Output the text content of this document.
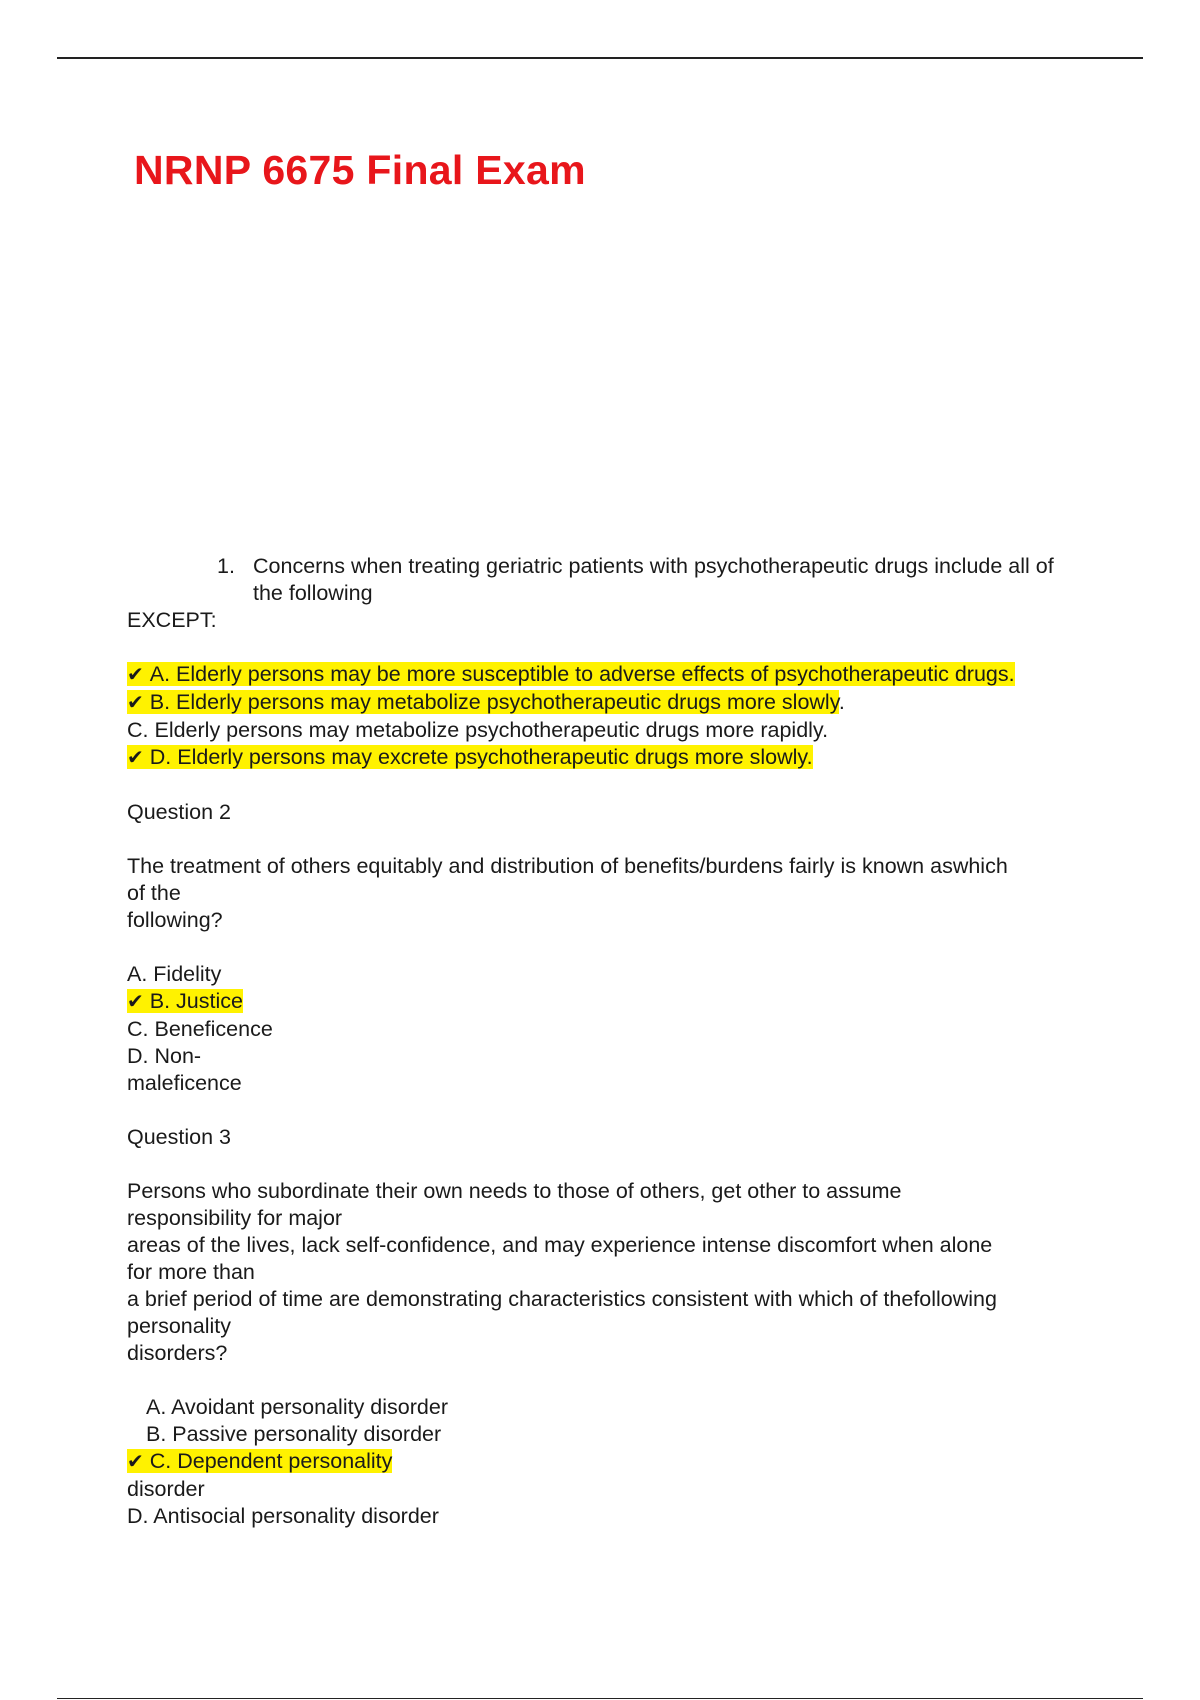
NRNP 6675 Final Exam
1. Concerns when treating geriatric patients with psychotherapeutic drugs include all of the following

EXCEPT:

✔ A. Elderly persons may be more susceptible to adverse effects of psychotherapeutic drugs.

✔ B. Elderly persons may metabolize psychotherapeutic drugs more slowly.

C. Elderly persons may metabolize psychotherapeutic drugs more rapidly.

✔ D. Elderly persons may excrete psychotherapeutic drugs more slowly.

Question 2

The treatment of others equitably and distribution of benefits/burdens fairly is known aswhich

of the

following?

A. Fidelity

✔ B. Justice

C. Beneficence

D. Non-

maleficence

Question 3

Persons who subordinate their own needs to those of others, get other to assume

responsibility for major

areas of the lives, lack self-confidence, and may experience intense discomfort when alone

for more than

a brief period of time are demonstrating characteristics consistent with which of thefollowing

personality

disorders?

A. Avoidant personality disorder

B. Passive personality disorder

✔ C. Dependent personality

disorder

D. Antisocial personality disorder
